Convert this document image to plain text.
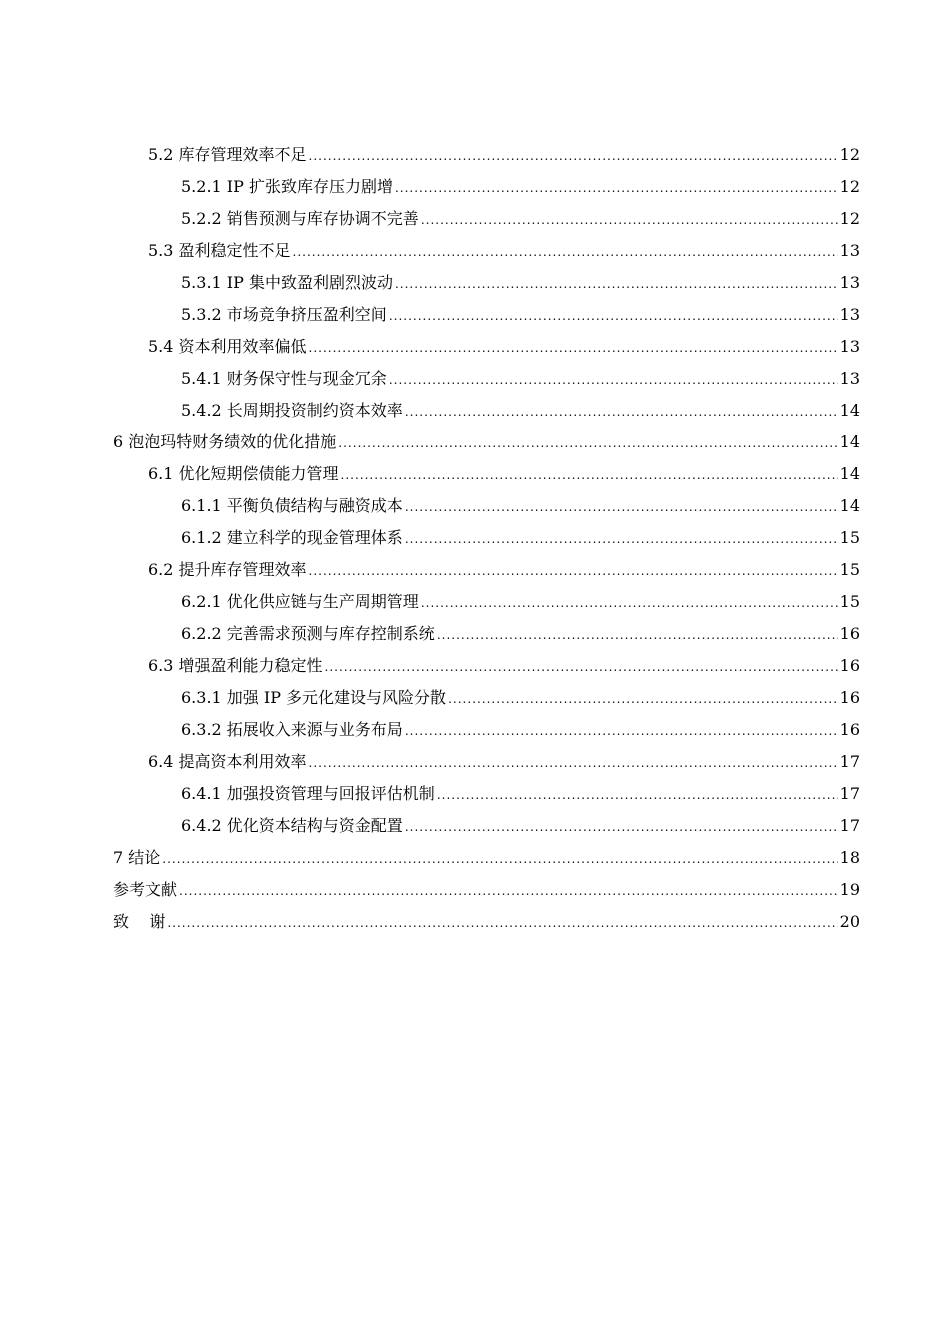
5.2 库存管理效率不足 .....	12
5.2.1 IP 扩张致库存压力剧增 .....	12
5.2.2 销售预测与库存协调不完善 .....	12
5.3 盈利稳定性不足 .....	13
5.3.1 IP 集中致盈利剧烈波动 .....	13
5.3.2 市场竞争挤压盈利空间 .....	13
5.4 资本利用效率偏低 .....	13
5.4.1 财务保守性与现金冗余 .....	13
5.4.2 长周期投资制约资本效率 .....	14
6 泡泡玛特财务绩效的优化措施 .....	14
6.1 优化短期偿债能力管理 .....	14
6.1.1 平衡负债结构与融资成本 .....	14
6.1.2 建立科学的现金管理体系 .....	15
6.2 提升库存管理效率 .....	15
6.2.1 优化供应链与生产周期管理 .....	15
6.2.2 完善需求预测与库存控制系统 .....	16
6.3 增强盈利能力稳定性 .....	16
6.3.1 加强 IP 多元化建设与风险分散 .....	16
6.3.2 拓展收入来源与业务布局 .....	16
6.4 提高资本利用效率 .....	17
6.4.1 加强投资管理与回报评估机制 .....	17
6.4.2 优化资本结构与资金配置 .....	17
7 结论 .....	18
参考文献 .....	19
致    谢 .....	20
